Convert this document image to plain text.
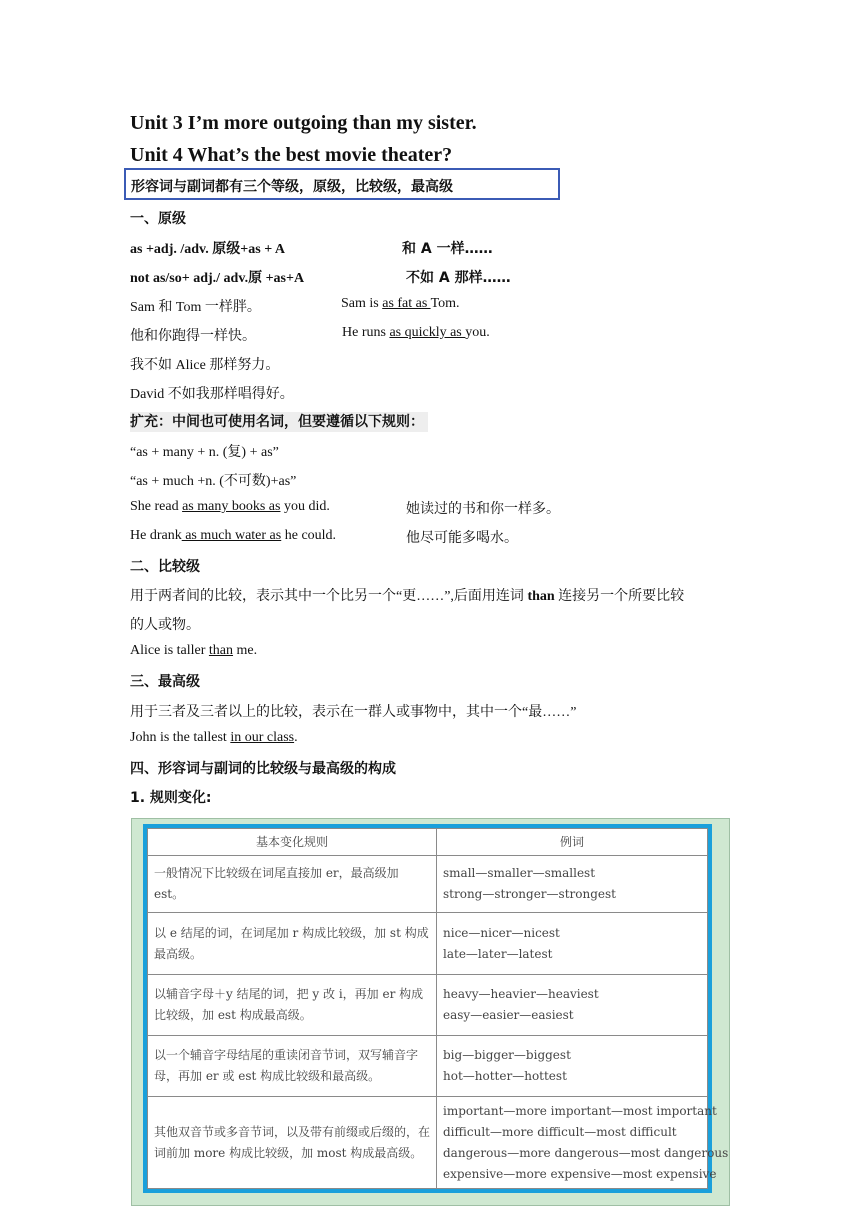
Unit 3 I’m more outgoing than my sister.
Unit 4 What’s the best movie theater?
形容词与副词都有三个等级，原级，比较级，最高级
一、原级
as +adj. /adv. 原级+as + A	和 A 一样……
not as/so+ adj./ adv.原 +as+A	不如 A 那样……
Sam 和 Tom 一样胖。	Sam is as fat as Tom.
他和你跑得一样快。	He runs as quickly as you.
我不如 Alice 那样努力。
David 不如我那样唱得好。
扩充：中间也可使用名词，但要遵循以下规则：
“as + many + n. (复) + as”
“as + much +n. (不可数)+as”
She read as many books as you did.	她读过的书和你一样多。
He drank as much water as he could.	他尽可能多喝水。
二、比较级
用于两者间的比较，表示其中一个比另一个“更……”,后面用连词 than 连接另一个所要比较
的人或物。
Alice is taller than me.
三、最高级
用于三者及三者以上的比较，表示在一群人或事物中，其中一个“最……”
John is the tallest in our class.
四、形容词与副词的比较级与最高级的构成
1. 规则变化:
基本变化规则	例词
一般情况下比较级在词尾直接加 er，最高级加 est。	small—smaller—smallest
strong—stronger—strongest

以 e 结尾的词，在词尾加 r 构成比较级，加 st 构成最高级。	nice—nicer—nicest
late—later—latest

以辅音字母＋y 结尾的词，把 y 改 i，再加 er 构成比较级，加 est 构成最高级。	heavy—heavier—heaviest
easy—easier—easiest

以一个辅音字母结尾的重读闭音节词，双写辅音字母，再加 er 或 est 构成比较级和最高级。	big—bigger—biggest
hot—hotter—hottest

其他双音节或多音节词，以及带有前缀或后缀的，在词前加 more 构成比较级，加 most 构成最高级。	important—more important—most important
difficult—more difficult—most difficult
dangerous—more dangerous—most dangerous
expensive—more expensive—most expensive
